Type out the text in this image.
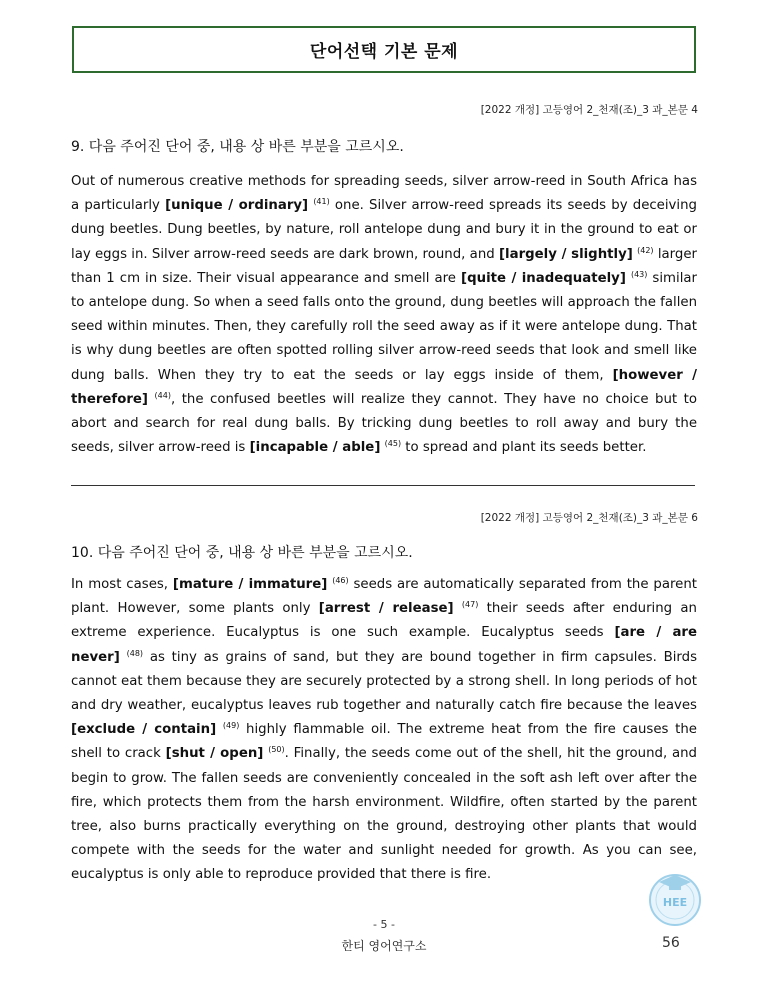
단어선택 기본 문제
[2022 개정] 고등영어 2_천재(조)_3 과_본문 4
9. 다음 주어진 단어 중, 내용 상 바른 부분을 고르시오.
Out of numerous creative methods for spreading seeds, silver arrow-reed in South Africa has a particularly [unique / ordinary] $^{(41)}$ one. Silver arrow-reed spreads its seeds by deceiving dung beetles. Dung beetles, by nature, roll antelope dung and bury it in the ground to eat or lay eggs in. Silver arrow-reed seeds are dark brown, round, and [largely / slightly] $^{(42)}$ larger than 1 cm in size. Their visual appearance and smell are [quite / inadequately] $^{(43)}$ similar to antelope dung. So when a seed falls onto the ground, dung beetles will approach the fallen seed within minutes. Then, they carefully roll the seed away as if it were antelope dung. That is why dung beetles are often spotted rolling silver arrow-reed seeds that look and smell like dung balls. When they try to eat the seeds or lay eggs inside of them, [however / therefore] $^{(44)}$, the confused beetles will realize they cannot. They have no choice but to abort and search for real dung balls. By tricking dung beetles to roll away and bury the seeds, silver arrow-reed is [incapable / able] $^{(45)}$ to spread and plant its seeds better.
[2022 개정] 고등영어 2_천재(조)_3 과_본문 6
10. 다음 주어진 단어 중, 내용 상 바른 부분을 고르시오.
In most cases, [mature / immature] $^{(46)}$ seeds are automatically separated from the parent plant. However, some plants only [arrest / release] $^{(47)}$ their seeds after enduring an extreme experience. Eucalyptus is one such example. Eucalyptus seeds [are / are never] $^{(48)}$ as tiny as grains of sand, but they are bound together in firm capsules. Birds cannot eat them because they are securely protected by a strong shell. In long periods of hot and dry weather, eucalyptus leaves rub together and naturally catch fire because the leaves [exclude / contain] $^{(49)}$ highly flammable oil. The extreme heat from the fire causes the shell to crack [shut / open] $^{(50)}$. Finally, the seeds come out of the shell, hit the ground, and begin to grow. The fallen seeds are conveniently concealed in the soft ash left over after the fire, which protects them from the harsh environment. Wildfire, often started by the parent tree, also burns practically everything on the ground, destroying other plants that would compete with the seeds for the water and sunlight needed for growth. As you can see, eucalyptus is only able to reproduce provided that there is fire.
HEE
- 5 -
한티 영어연구소	56
